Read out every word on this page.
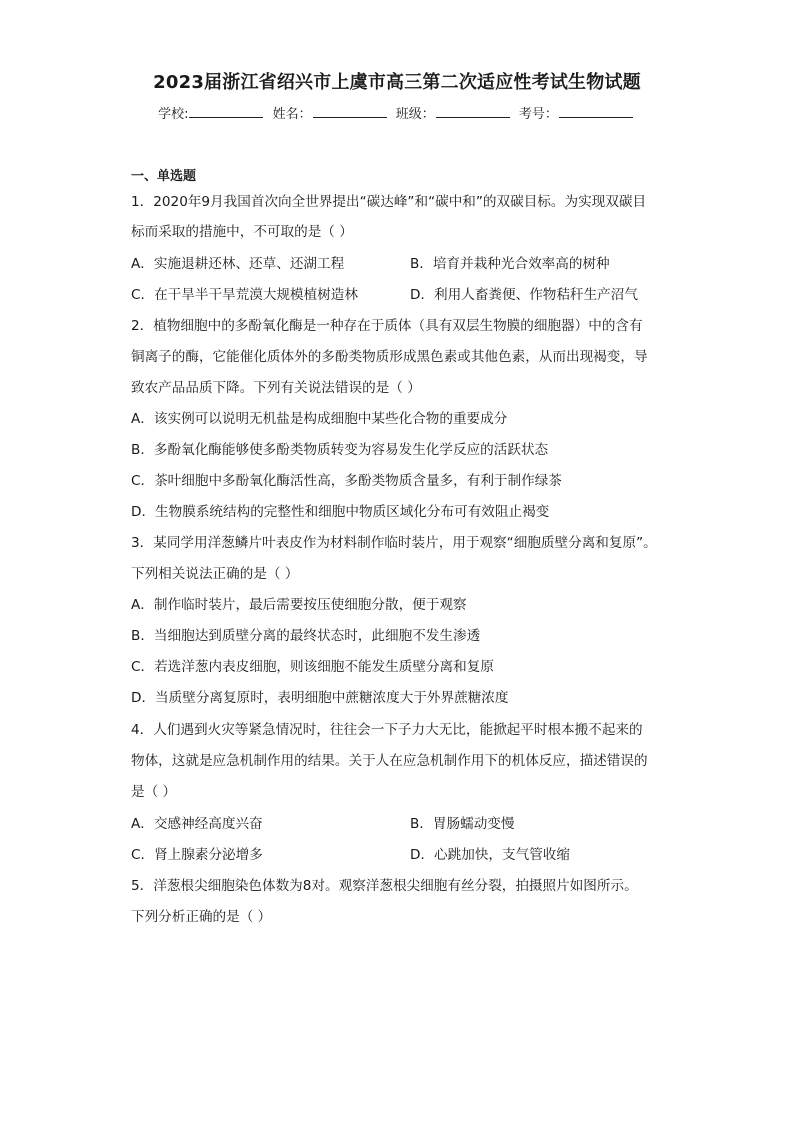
2023届浙江省绍兴市上虞市高三第二次适应性考试生物试题
学校:	姓名：	班级：	考号：
一、单选题
1．2020年9月我国首次向全世界提出“碳达峰”和“碳中和”的双碳目标。为实现双碳目
标而采取的措施中，不可取的是（ ）
A．实施退耕还林、还草、还湖工程	B．培育并栽种光合效率高的树种
C．在干旱半干旱荒漠大规模植树造林	D．利用人畜粪便、作物秸秆生产沼气
2．植物细胞中的多酚氧化酶是一种存在于质体（具有双层生物膜的细胞器）中的含有
铜离子的酶，它能催化质体外的多酚类物质形成黑色素或其他色素，从而出现褐变，导
致农产品品质下降。下列有关说法错误的是（ ）
A．该实例可以说明无机盐是构成细胞中某些化合物的重要成分
B．多酚氧化酶能够使多酚类物质转变为容易发生化学反应的活跃状态
C．茶叶细胞中多酚氧化酶活性高，多酚类物质含量多，有利于制作绿茶
D．生物膜系统结构的完整性和细胞中物质区域化分布可有效阻止褐变
3．某同学用洋葱鳞片叶表皮作为材料制作临时装片，用于观察“细胞质壁分离和复原”。
下列相关说法正确的是（ ）
A．制作临时装片，最后需要按压使细胞分散，便于观察
B．当细胞达到质壁分离的最终状态时，此细胞不发生渗透
C．若选洋葱内表皮细胞，则该细胞不能发生质壁分离和复原
D．当质壁分离复原时，表明细胞中蔗糖浓度大于外界蔗糖浓度
4．人们遇到火灾等紧急情况时，往往会一下子力大无比，能掀起平时根本搬不起来的
物体，这就是应急机制作用的结果。关于人在应急机制作用下的机体反应，描述错误的
是（ ）
A．交感神经高度兴奋	B．胃肠蠕动变慢
C．肾上腺素分泌增多	D．心跳加快，支气管收缩
5．洋葱根尖细胞染色体数为8对。观察洋葱根尖细胞有丝分裂，拍摄照片如图所示。
下列分析正确的是（ ）
